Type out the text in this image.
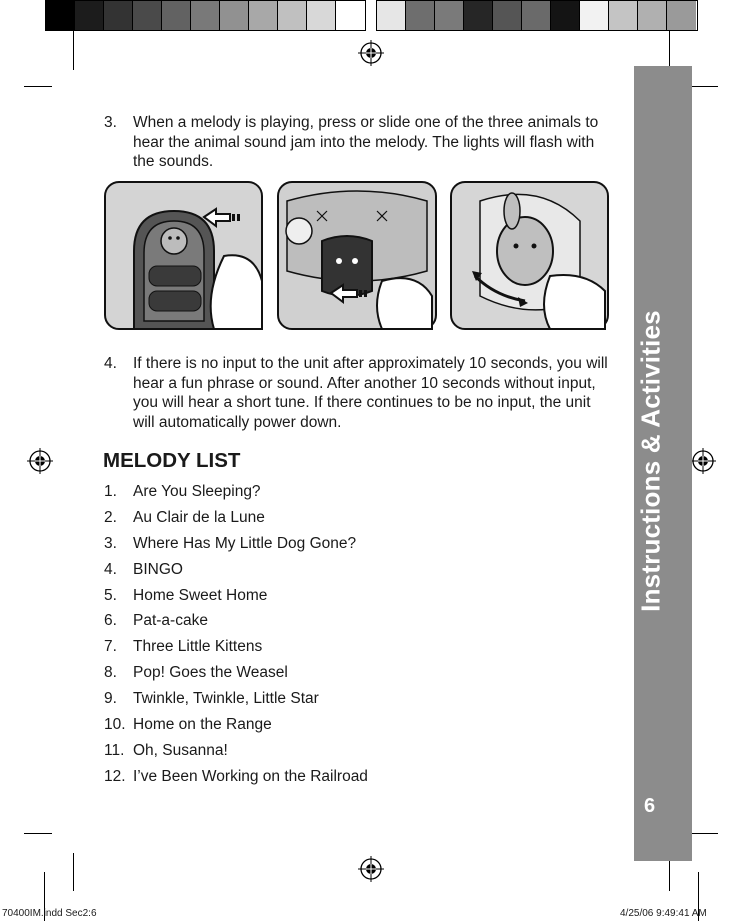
Instructions & Activities
6
3. When a melody is playing, press or slide one of the three animals to hear the animal sound jam into the melody. The lights will flash with the sounds.
4. If there is no input to the unit after approximately 10 seconds, you will hear a fun phrase or sound. After another 10 seconds without input, you will hear a short tune. If there continues to be no input, the unit will automatically power down.
MELODY LIST
1. Are You Sleeping?
2. Au Clair de la Lune
3. Where Has My Little Dog Gone?
4. BINGO
5. Home Sweet Home
6. Pat-a-cake
7. Three Little Kittens
8. Pop! Goes the Weasel
9. Twinkle, Twinkle, Little Star
10. Home on the Range
11. Oh, Susanna!
12. I’ve Been Working on the Railroad
70400IM.indd Sec2:6	4/25/06 9:49:41 AM
